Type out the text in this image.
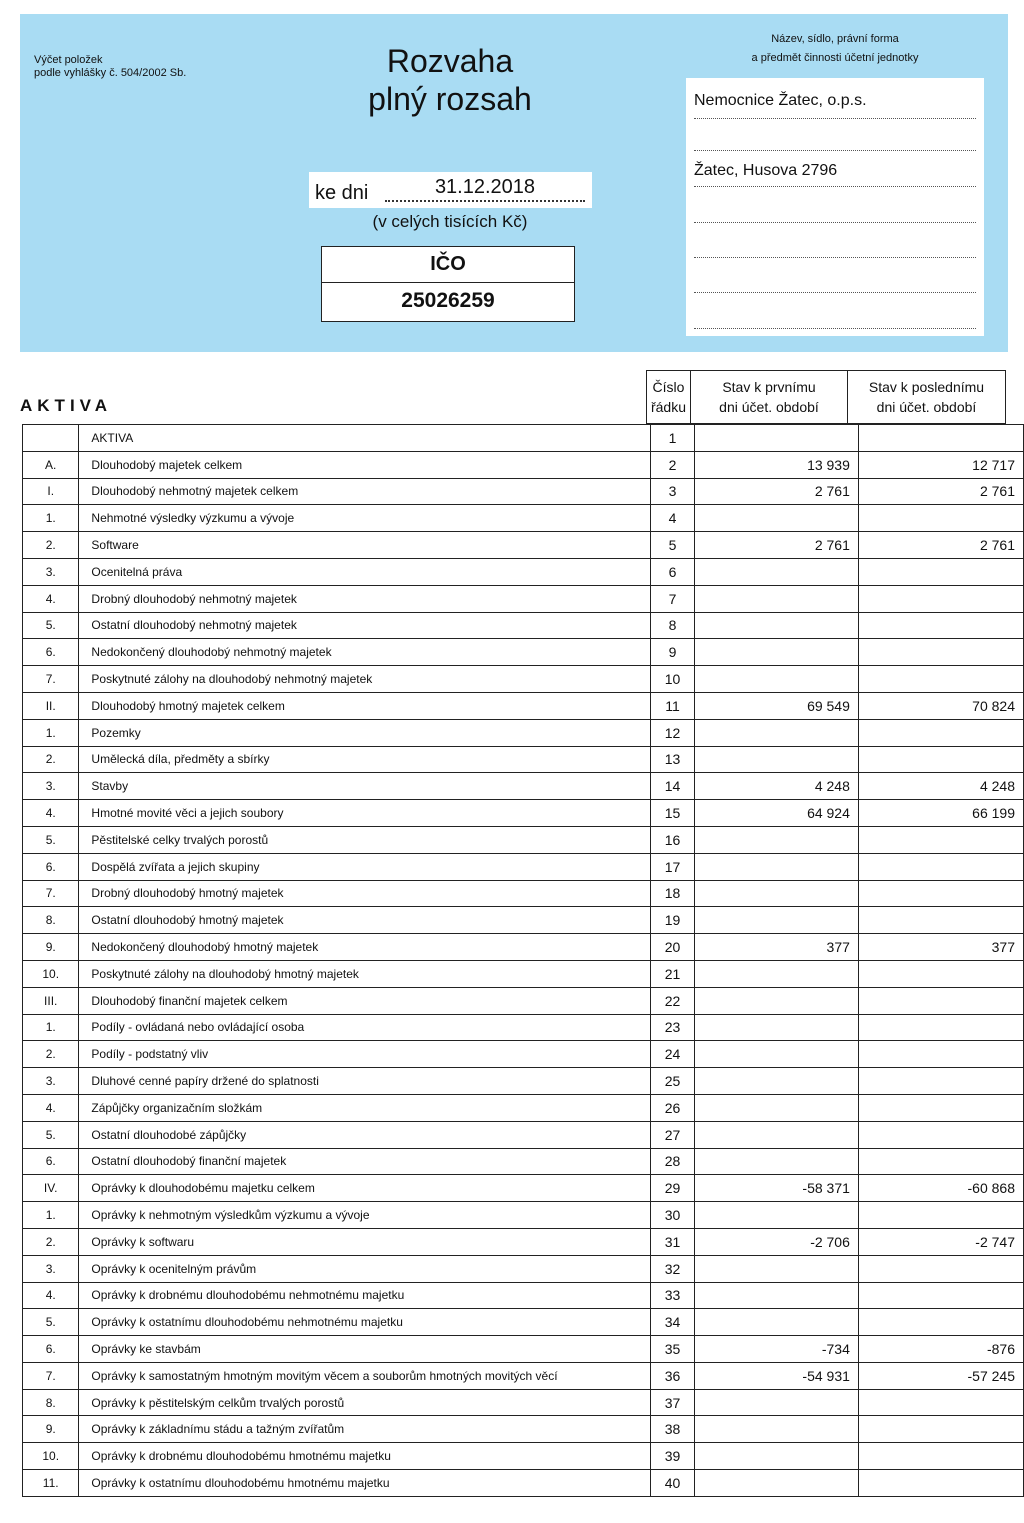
Výčet položek
podle vyhlášky č. 504/2002 Sb.	Rozvaha
plný rozsah
ke dni	31.12.2018
(v celých tisících Kč)
IČO
25026259
Název, sídlo, právní forma
a předmět činnosti účetní jednotky
Nemocnice Žatec, o.p.s.
Žatec, Husova 2796
AKTIVA
Číslo
řádku
Stav k prvnímu
dni účet. období
Stav k poslednímu
dni účet. období
	AKTIVA	1		
A.	Dlouhodobý majetek celkem	2	13 939	12 717
I.	Dlouhodobý nehmotný majetek celkem	3	2 761	2 761
1.	Nehmotné výsledky výzkumu a vývoje	4		
2.	Software	5	2 761	2 761
3.	Ocenitelná práva	6		
4.	Drobný dlouhodobý nehmotný majetek	7		
5.	Ostatní dlouhodobý nehmotný majetek	8		
6.	Nedokončený dlouhodobý nehmotný majetek	9		
7.	Poskytnuté zálohy na dlouhodobý nehmotný majetek	10		
II.	Dlouhodobý hmotný majetek celkem	11	69 549	70 824
1.	Pozemky	12		
2.	Umělecká díla, předměty a sbírky	13		
3.	Stavby	14	4 248	4 248
4.	Hmotné movité věci a jejich soubory	15	64 924	66 199
5.	Pěstitelské celky trvalých porostů	16		
6.	Dospělá zvířata a jejich skupiny	17		
7.	Drobný dlouhodobý hmotný majetek	18		
8.	Ostatní dlouhodobý hmotný majetek	19		
9.	Nedokončený dlouhodobý hmotný majetek	20	377	377
10.	Poskytnuté zálohy na dlouhodobý hmotný majetek	21		
III.	Dlouhodobý finanční majetek celkem	22		
1.	Podíly - ovládaná nebo ovládající osoba	23		
2.	Podíly - podstatný vliv	24		
3.	Dluhové cenné papíry držené do splatnosti	25		
4.	Zápůjčky organizačním složkám	26		
5.	Ostatní dlouhodobé zápůjčky	27		
6.	Ostatní dlouhodobý finanční majetek	28		
IV.	Oprávky k dlouhodobému majetku celkem	29	-58 371	-60 868
1.	Oprávky k nehmotným výsledkům výzkumu a vývoje	30		
2.	Oprávky k softwaru	31	-2 706	-2 747
3.	Oprávky k ocenitelným právům	32		
4.	Oprávky k drobnému dlouhodobému nehmotnému majetku	33		
5.	Oprávky k ostatnímu dlouhodobému nehmotnému majetku	34		
6.	Oprávky ke stavbám	35	-734	-876
7.	Oprávky k samostatným hmotným movitým věcem a souborům hmotných movitých věcí	36	-54 931	-57 245
8.	Oprávky k pěstitelským celkům trvalých porostů	37		
9.	Oprávky k základnímu stádu a tažným zvířatům	38		
10.	Oprávky k drobnému dlouhodobému hmotnému majetku	39		
11.	Oprávky k ostatnímu dlouhodobému hmotnému majetku	40		
